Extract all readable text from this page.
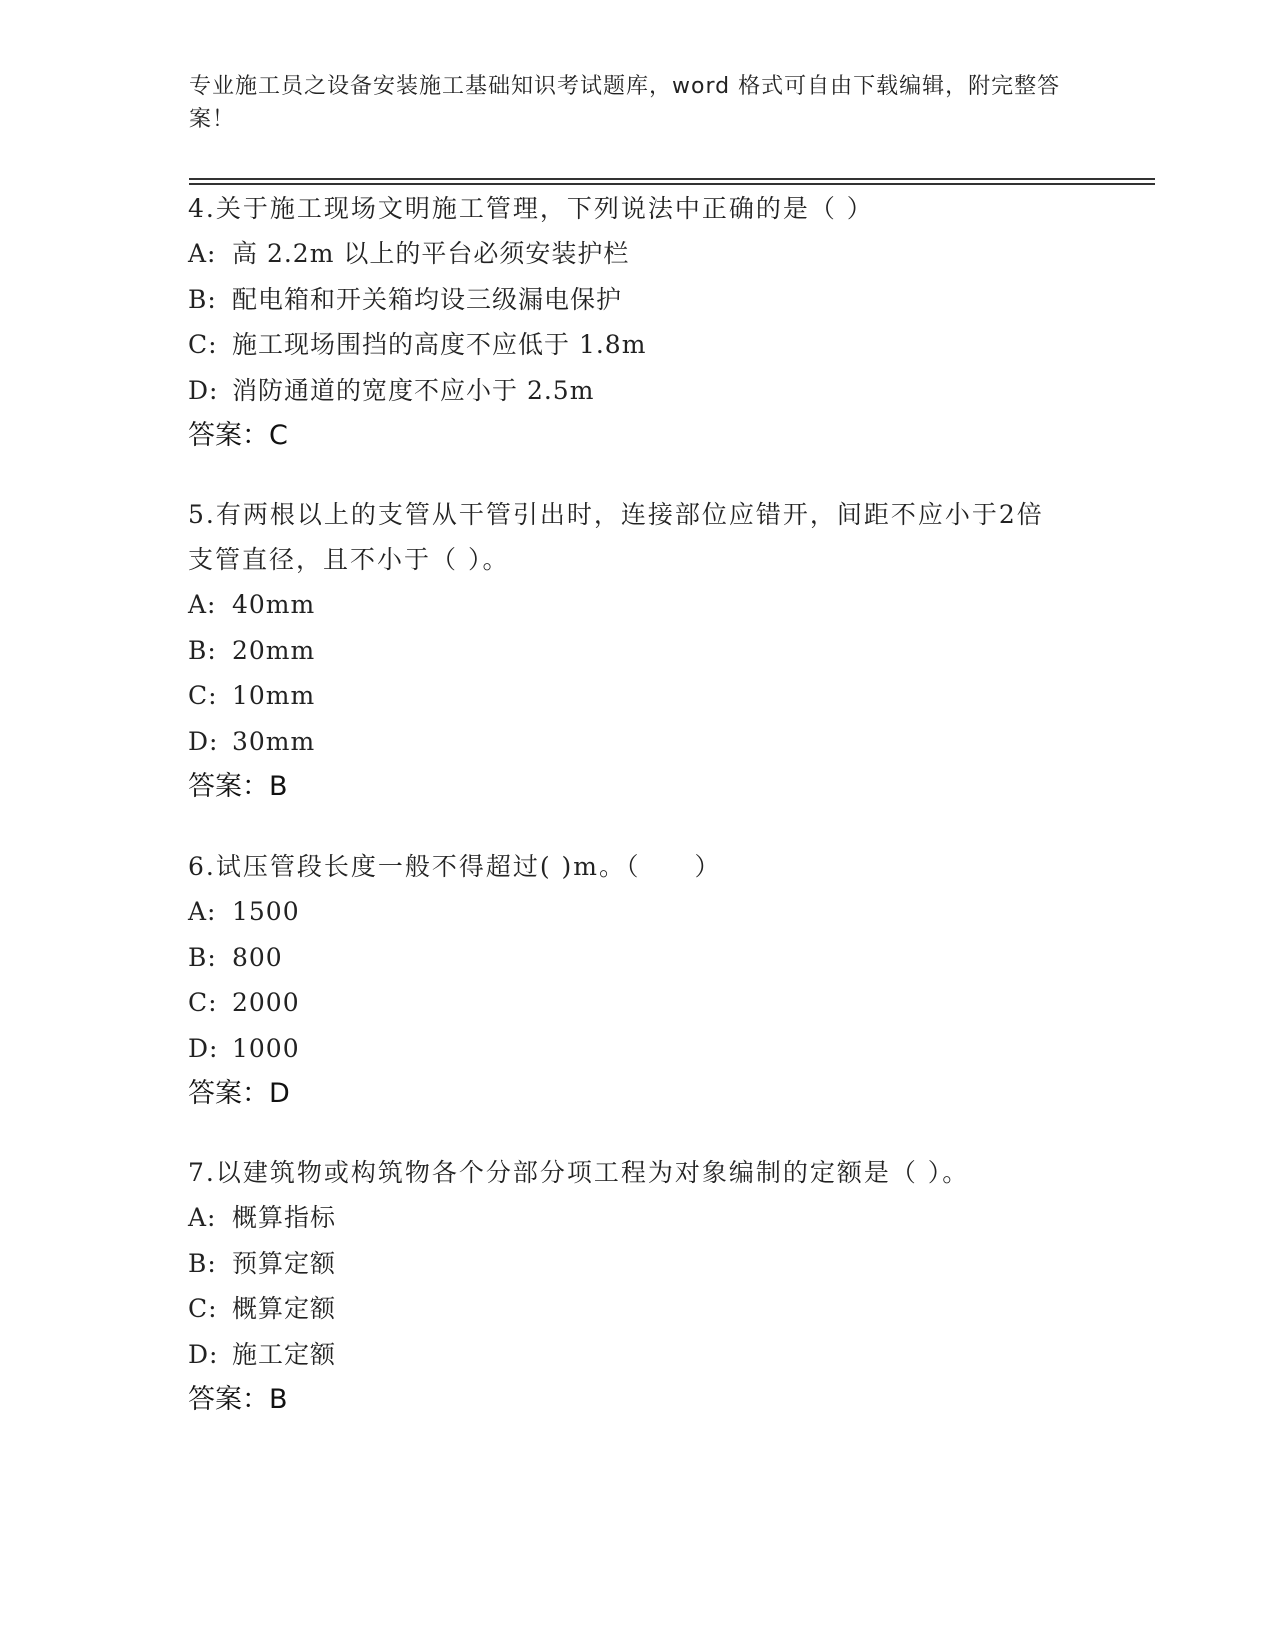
专业施工员之设备安装施工基础知识考试题库，word 格式可自由下载编辑，附完整答案！

4.关于施工现场文明施工管理，下列说法中正确的是（ ）

A: 高 2.2m 以上的平台必须安装护栏
B: 配电箱和开关箱均设三级漏电保护
C: 施工现场围挡的高度不应低于 1.8m
D: 消防通道的宽度不应小于 2.5m
答案：C

5.有两根以上的支管从干管引出时，连接部位应错开，间距不应小于2倍支管直径，且不小于（ ）。

A: 40mm
B: 20mm
C: 10mm
D: 30mm
答案：B

6.试压管段长度一般不得超过( )m。（　　）

A: 1500
B: 800
C: 2000
D: 1000
答案：D

7.以建筑物或构筑物各个分部分项工程为对象编制的定额是（ ）。

A: 概算指标
B: 预算定额
C: 概算定额
D: 施工定额
答案：B
